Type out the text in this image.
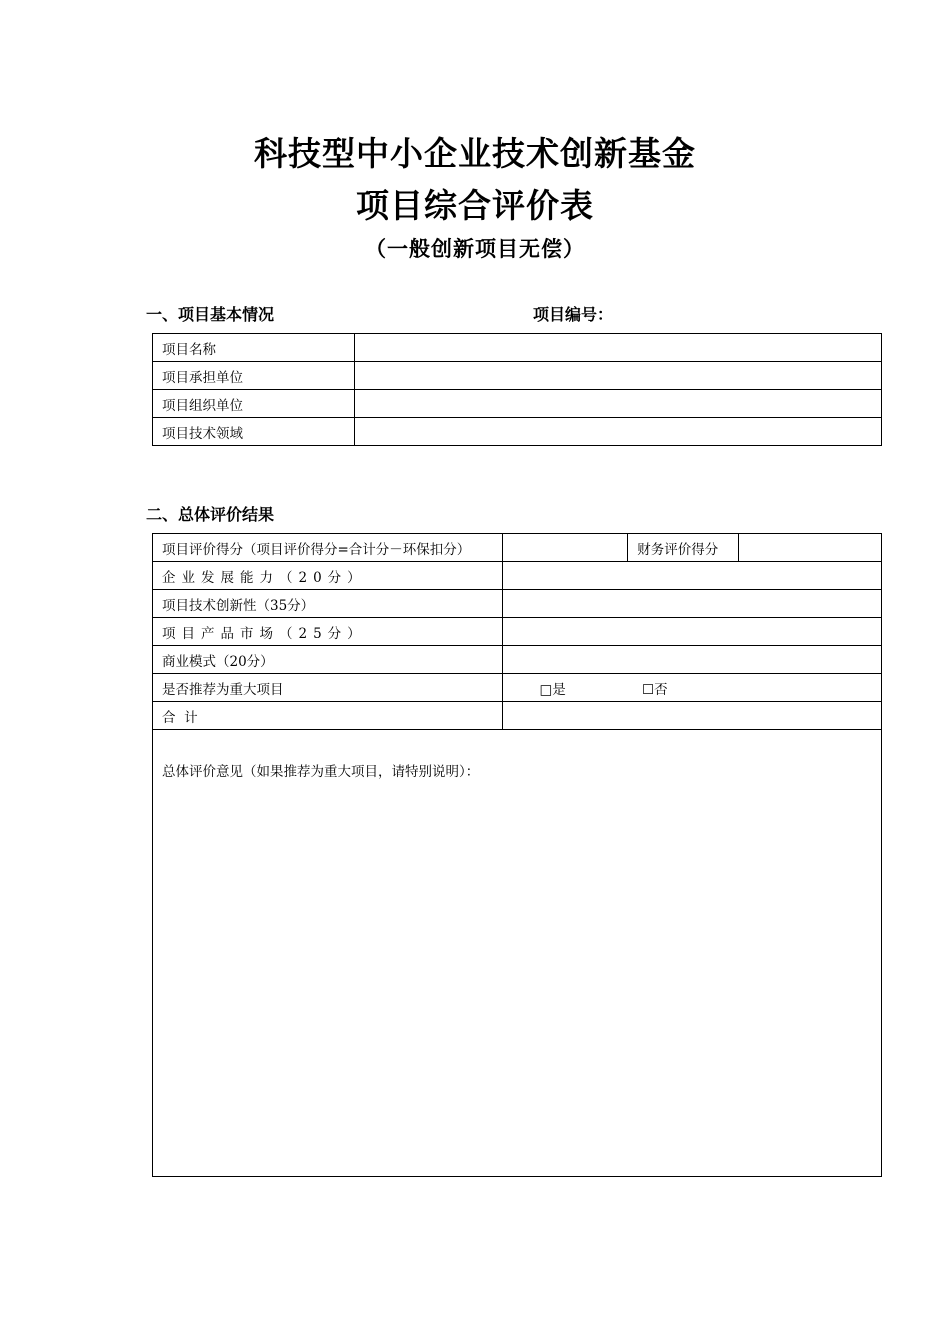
科技型中小企业技术创新基金
项目综合评价表
（一般创新项目无偿）
一、项目基本情况	项目编号：
项目名称	
项目承担单位	
项目组织单位	
项目技术领域	
二、总体评价结果
项目评价得分（项目评价得分=合计分－环保扣分）		财务评价得分	
企业发展能力（20分）			
项目技术创新性（35分）			
项目产品市场（25分）			
商业模式（20分）			
是否推荐为重大项目	□是 ☐否		
合  计			
总体评价意见（如果推荐为重大项目，请特别说明）：			
